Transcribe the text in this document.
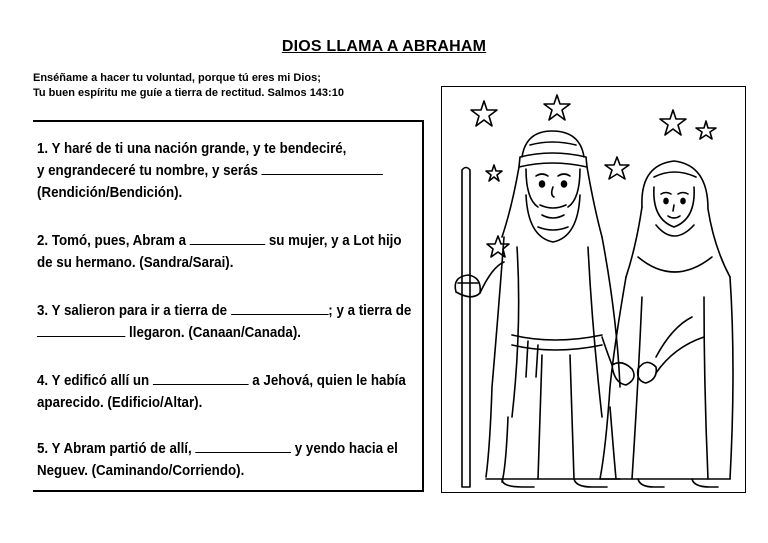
DIOS LLAMA A ABRAHAM
Enséñame a hacer tu voluntad, porque tú eres mi Dios;
Tu buen espíritu me guíe a tierra de rectitud. Salmos 143:10
1. Y haré de ti una nación grande, y te bendeciré,
y engrandeceré tu nombre, y serás
(Rendición/Bendición).
2. Tomó, pues, Abram a	su mujer, y a Lot hijo
de su hermano. (Sandra/Sarai).
3. Y salieron para ir a tierra de	; y a tierra de
llegaron. (Canaan/Canada).
4. Y edificó allí un	a Jehová, quien le había
aparecido. (Edificio/Altar).
5. Y Abram partió de allí,	y yendo hacia el
Neguev. (Caminando/Corriendo).
